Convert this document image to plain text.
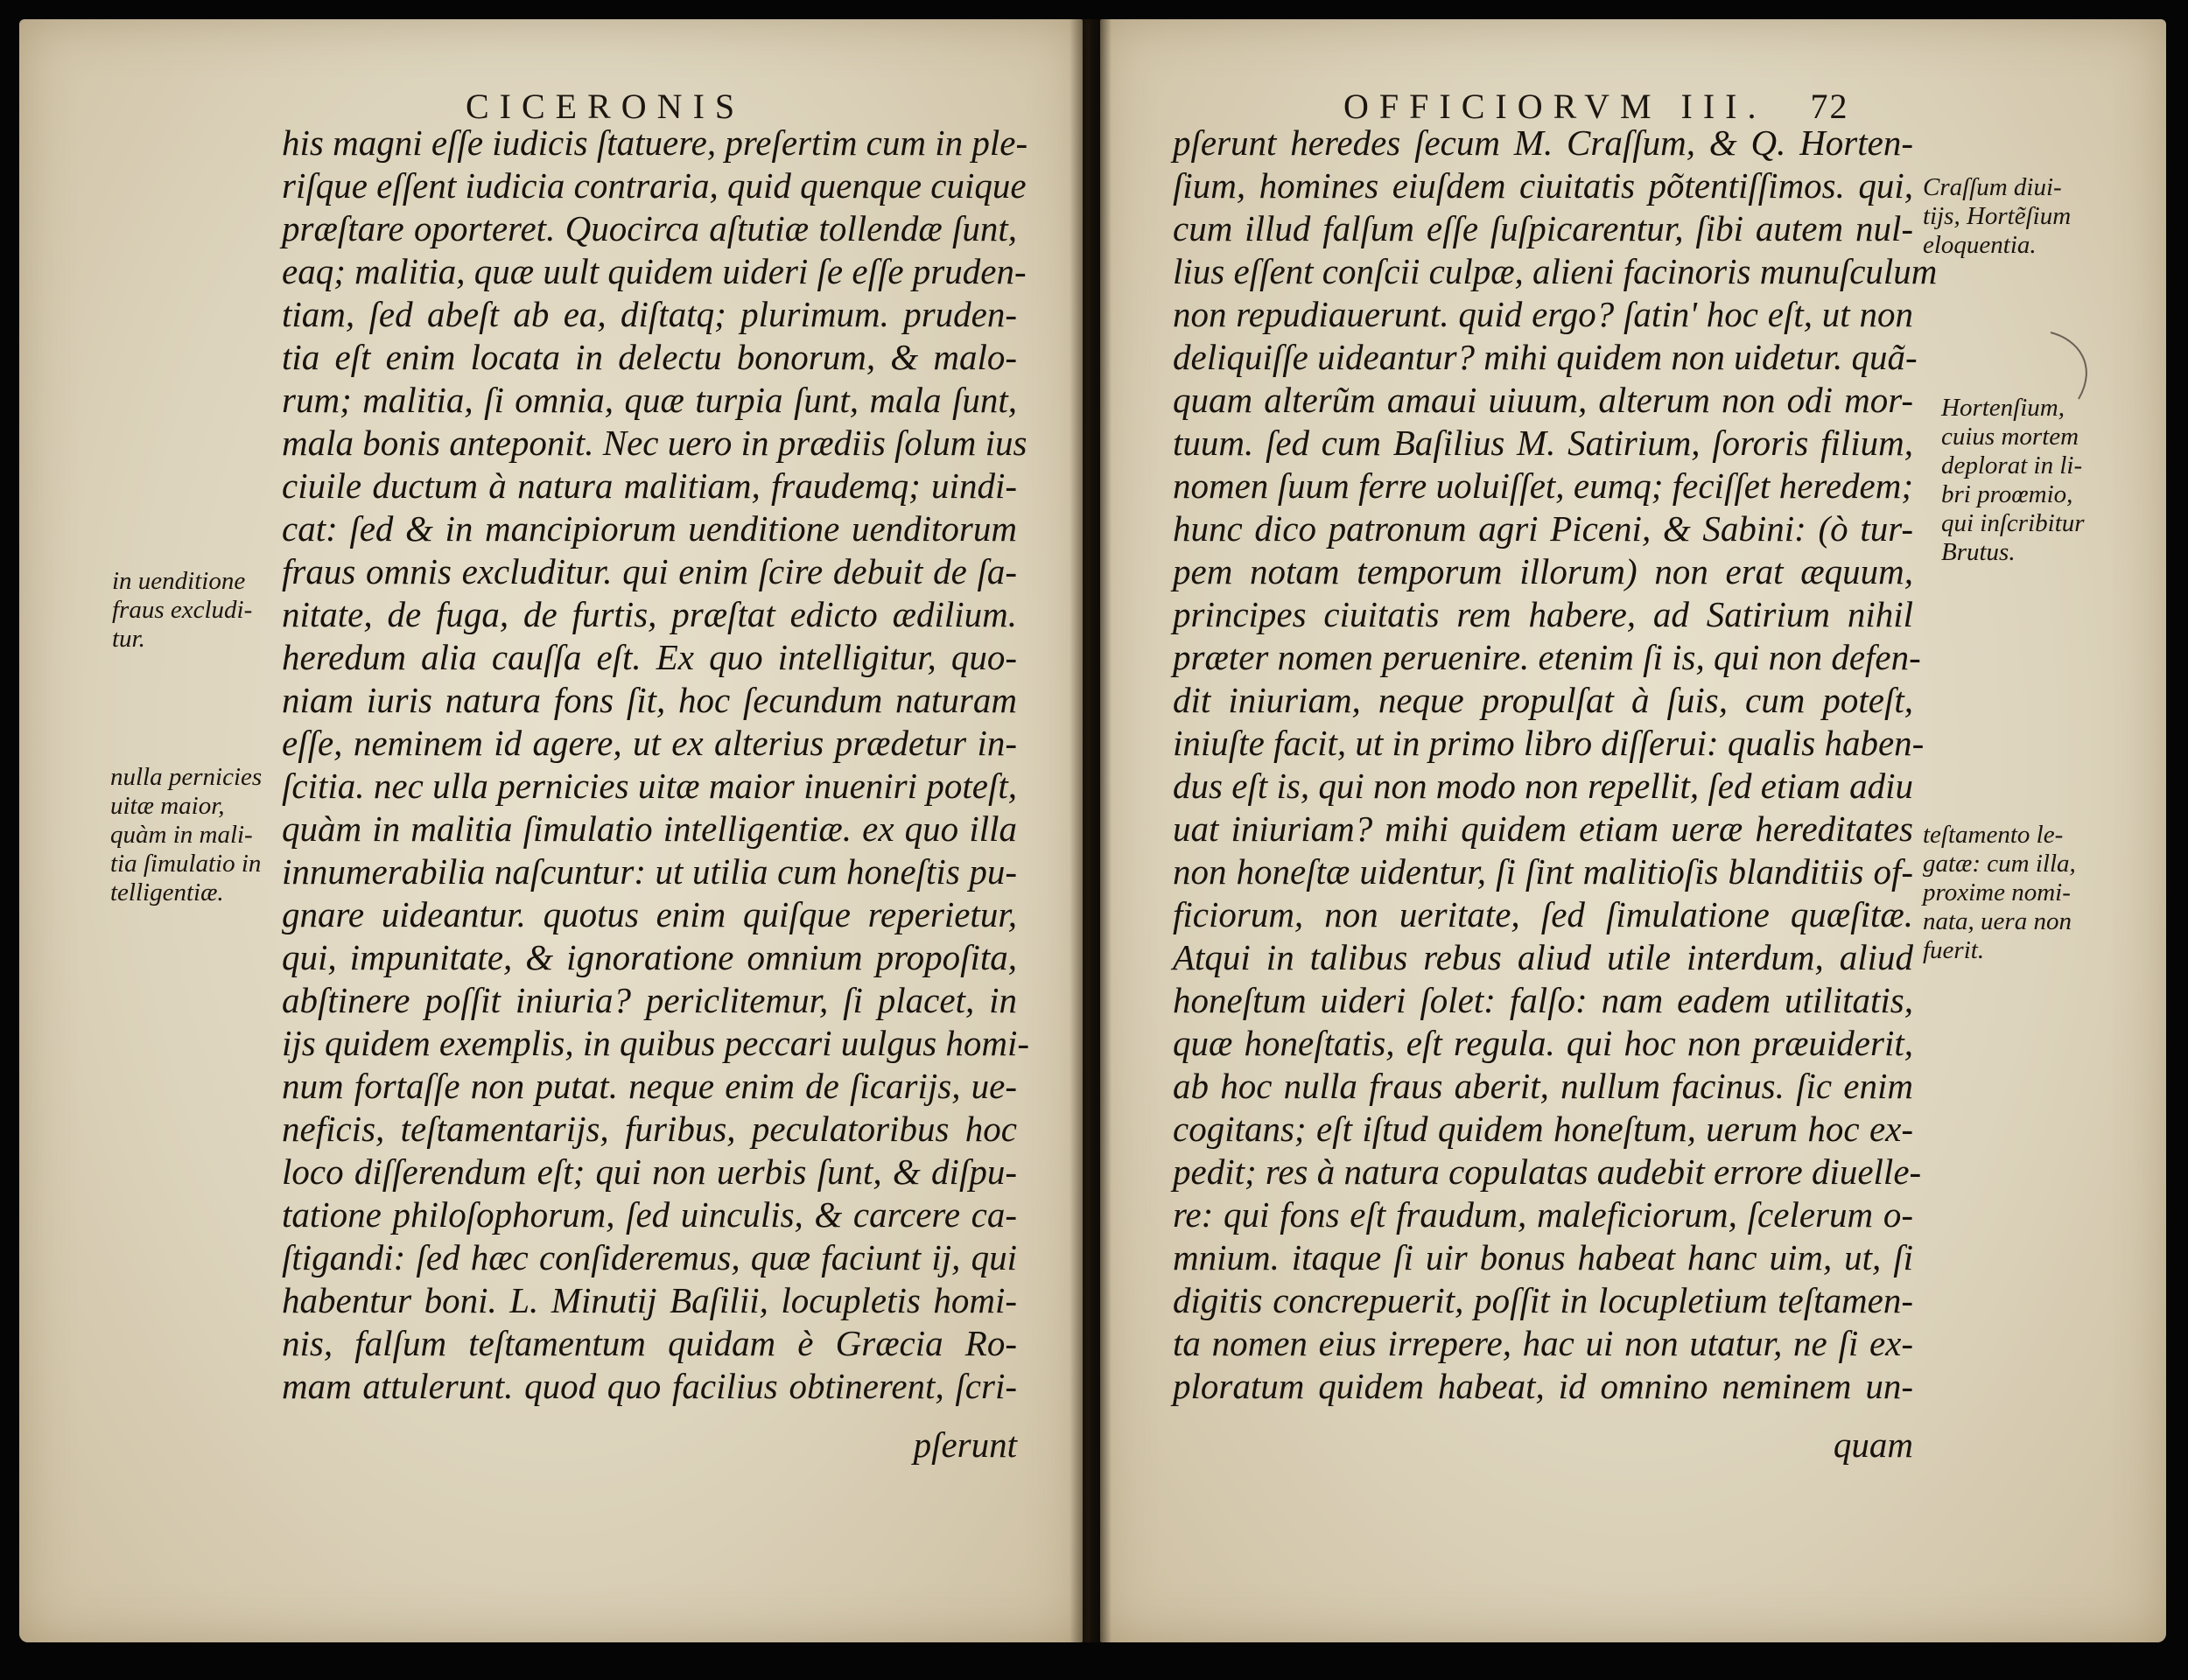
CICERONIS
his magni eſſe iudicis ſtatuere, preſertim cum in ple-
riſque eſſent iudicia contraria, quid quenque cuique
præſtare oporteret. Quocirca aſtutiæ tollendæ ſunt,
eaq; malitia, quæ uult quidem uideri ſe eſſe pruden-
tiam, ſed abeſt ab ea, diſtatq; plurimum. pruden-
tia eſt enim locata in delectu bonorum, & malo-
rum; malitia, ſi omnia, quæ turpia ſunt, mala ſunt,
mala bonis anteponit. Nec uero in prædiis ſolum ius
ciuile ductum à natura malitiam, fraudemq; uindi-
cat: ſed & in mancipiorum uenditione uenditorum
fraus omnis excluditur. qui enim ſcire debuit de ſa-
nitate, de fuga, de furtis, præſtat edicto ædilium.
heredum alia cauſſa eſt. Ex quo intelligitur, quo-
niam iuris natura fons ſit, hoc ſecundum naturam
eſſe, neminem id agere, ut ex alterius prædetur in-
ſcitia. nec ulla pernicies uitæ maior inueniri poteſt,
quàm in malitia ſimulatio intelligentiæ. ex quo illa
innumerabilia naſcuntur: ut utilia cum honeſtis pu-
gnare uideantur. quotus enim quiſque reperietur,
qui, impunitate, & ignoratione omnium propoſita,
abſtinere poſſit iniuria? periclitemur, ſi placet, in
ijs quidem exemplis, in quibus peccari uulgus homi-
num fortaſſe non putat. neque enim de ſicarijs, ue-
neficis, teſtamentarijs, furibus, peculatoribus hoc
loco diſſerendum eſt; qui non uerbis ſunt, & diſpu-
tatione philoſophorum, ſed uinculis, & carcere ca-
ſtigandi: ſed hæc conſideremus, quæ faciunt ij, qui
habentur boni. L. Minutij Baſilii, locupletis homi-
nis, falſum teſtamentum quidam è Græcia Ro-
mam attulerunt. quod quo facilius obtinerent, ſcri-
pſerunt
in uenditione
fraus excludi-
tur.
nulla pernicies
uitæ maior,
quàm in mali-
tia ſimulatio in
telligentiæ.
OFFICIORVM III. 72
pſerunt heredes ſecum M. Craſſum, & Q. Horten-
ſium, homines eiuſdem ciuitatis põtentiſſimos. qui,
cum illud falſum eſſe ſuſpicarentur, ſibi autem nul-
lius eſſent conſcii culpæ, alieni facinoris munuſculum
non repudiauerunt. quid ergo? ſatin' hoc eſt, ut non
deliquiſſe uideantur? mihi quidem non uidetur. quã-
quam alterũm amaui uiuum, alterum non odi mor-
tuum. ſed cum Baſilius M. Satirium, ſororis filium,
nomen ſuum ferre uoluiſſet, eumq; feciſſet heredem;
hunc dico patronum agri Piceni, & Sabini: (ò tur-
pem notam temporum illorum) non erat æquum,
principes ciuitatis rem habere, ad Satirium nihil
præter nomen peruenire. etenim ſi is, qui non defen-
dit iniuriam, neque propulſat à ſuis, cum poteſt,
iniuſte facit, ut in primo libro diſſerui: qualis haben-
dus eſt is, qui non modo non repellit, ſed etiam adiu
uat iniuriam? mihi quidem etiam ueræ hereditates
non honeſtæ uidentur, ſi ſint malitioſis blanditiis of-
ficiorum, non ueritate, ſed ſimulatione quæſitæ.
Atqui in talibus rebus aliud utile interdum, aliud
honeſtum uideri ſolet: falſo: nam eadem utilitatis,
quæ honeſtatis, eſt regula. qui hoc non præuiderit,
ab hoc nulla fraus aberit, nullum facinus. ſic enim
cogitans; eſt iſtud quidem honeſtum, uerum hoc ex-
pedit; res à natura copulatas audebit errore diuelle-
re: qui fons eſt fraudum, maleficiorum, ſcelerum o-
mnium. itaque ſi uir bonus habeat hanc uim, ut, ſi
digitis concrepuerit, poſſit in locupletium teſtamen-
ta nomen eius irrepere, hac ui non utatur, ne ſi ex-
ploratum quidem habeat, id omnino neminem un-
quam
Craſſum diui-
tijs, Hortẽſium
eloquentia.
Hortenſium,
cuius mortem
deplorat in li-
bri proœmio,
qui inſcribitur
Brutus.
teſtamento le-
gatæ: cum illa,
proxime nomi-
nata, uera non
fuerit.
